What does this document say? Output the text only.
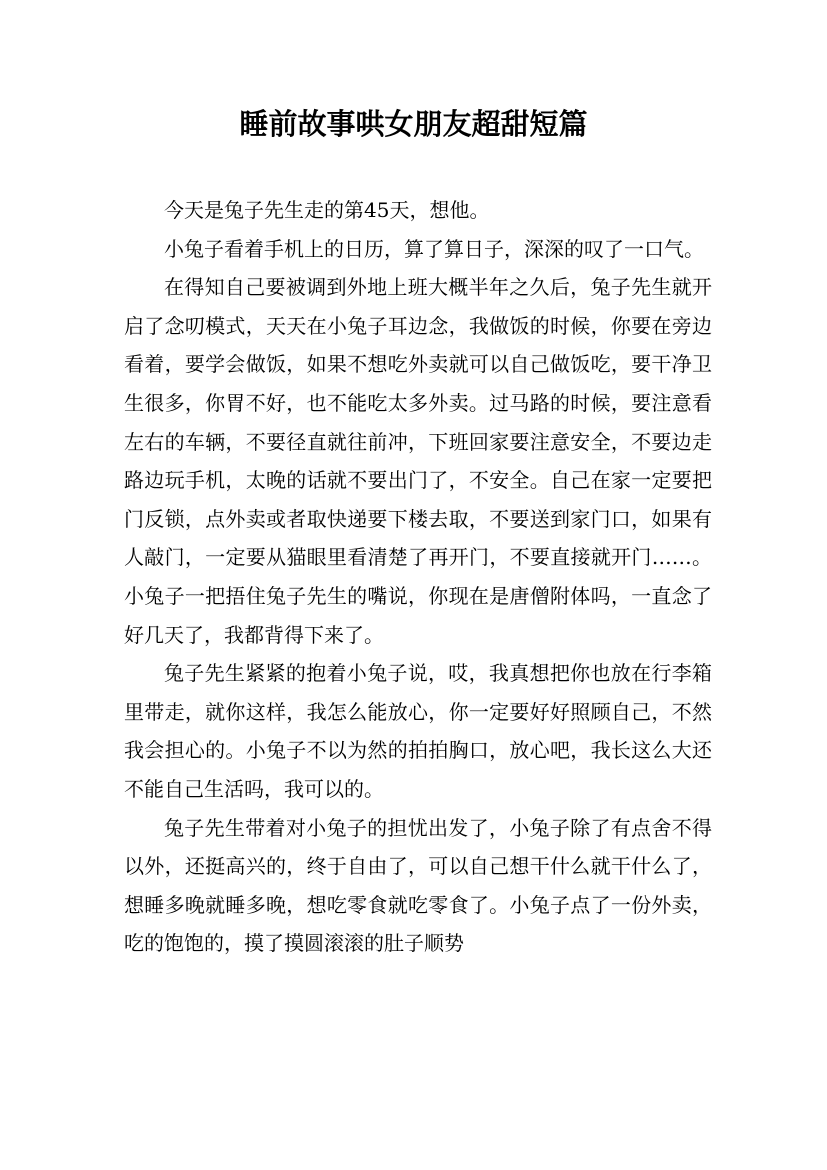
睡前故事哄女朋友超甜短篇

今天是兔子先生走的第45天，想他。

小兔子看着手机上的日历，算了算日子，深深的叹了一口气。

在得知自己要被调到外地上班大概半年之久后，兔子先生就开启了念叨模式，天天在小兔子耳边念，我做饭的时候，你要在旁边看着，要学会做饭，如果不想吃外卖就可以自己做饭吃，要干净卫生很多，你胃不好，也不能吃太多外卖。过马路的时候，要注意看左右的车辆，不要径直就往前冲，下班回家要注意安全，不要边走路边玩手机，太晚的话就不要出门了，不安全。自己在家一定要把门反锁，点外卖或者取快递要下楼去取，不要送到家门口，如果有人敲门，一定要从猫眼里看清楚了再开门，不要直接就开门……。小兔子一把捂住兔子先生的嘴说，你现在是唐僧附体吗，一直念了好几天了，我都背得下来了。

兔子先生紧紧的抱着小兔子说，哎，我真想把你也放在行李箱里带走，就你这样，我怎么能放心，你一定要好好照顾自己，不然我会担心的。小兔子不以为然的拍拍胸口，放心吧，我长这么大还不能自己生活吗，我可以的。

兔子先生带着对小兔子的担忧出发了，小兔子除了有点舍不得以外，还挺高兴的，终于自由了，可以自己想干什么就干什么了，想睡多晚就睡多晚，想吃零食就吃零食了。小兔子点了一份外卖，吃的饱饱的，摸了摸圆滚滚的肚子顺势
